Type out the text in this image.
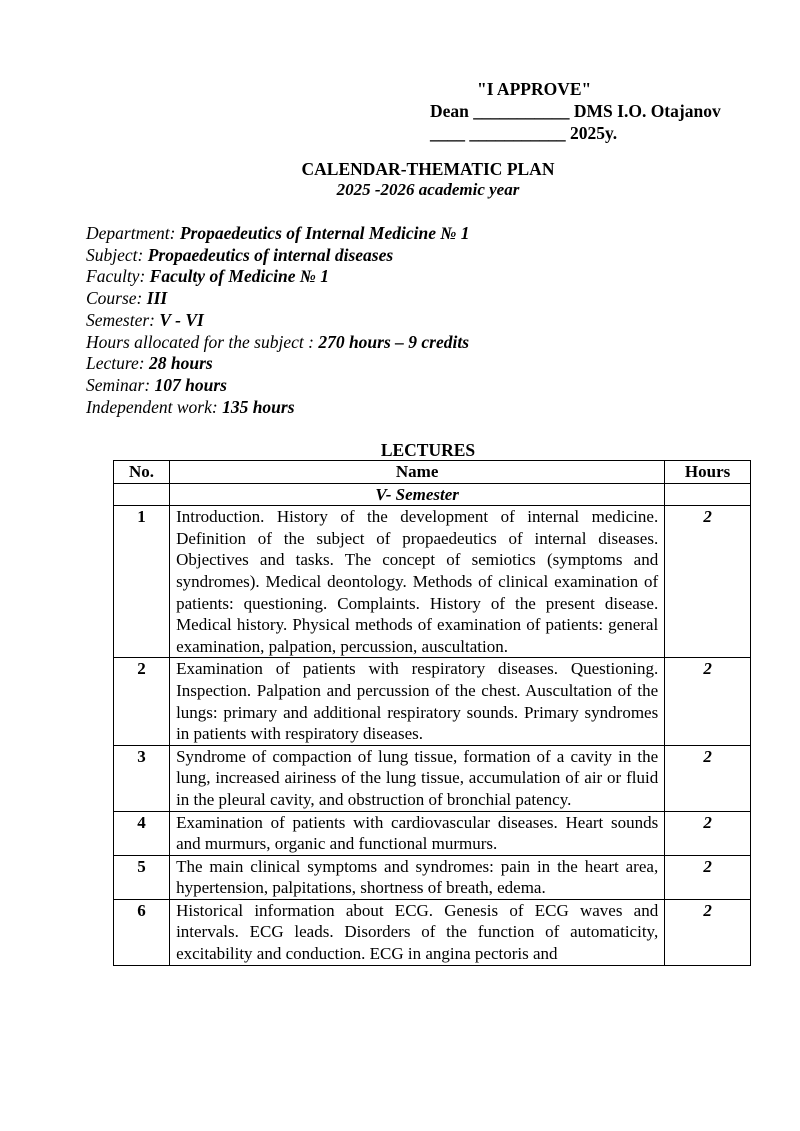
"I APPROVE"
Dean ___________ DMS I.O. Otajanov
____ ___________ 2025y.
CALENDAR-THEMATIC PLAN
2025 -2026 academic year
Department: Propaedeutics of Internal Medicine № 1
Subject: Propaedeutics of internal diseases
Faculty: Faculty of Medicine № 1
Course: III
Semester: V - VI
Hours allocated for the subject : 270 hours – 9 credits
Lecture: 28 hours
Seminar: 107 hours
Independent work: 135 hours
LECTURES
No.	Name	Hours
	V- Semester	
1	Introduction. History of the development of internal medicine. Definition of the subject of propaedeutics of internal diseases. Objectives and tasks. The concept of semiotics (symptoms and syndromes). Medical deontology. Methods of clinical examination of patients: questioning. Complaints. History of the present disease. Medical history. Physical methods of examination of patients: general examination, palpation, percussion, auscultation.	2
2	Examination of patients with respiratory diseases. Questioning. Inspection. Palpation and percussion of the chest. Auscultation of the lungs: primary and additional respiratory sounds. Primary syndromes in patients with respiratory diseases.	2
3	Syndrome of compaction of lung tissue, formation of a cavity in the lung, increased airiness of the lung tissue, accumulation of air or fluid in the pleural cavity, and obstruction of bronchial patency.	2
4	Examination of patients with cardiovascular diseases. Heart sounds and murmurs, organic and functional murmurs.	2
5	The main clinical symptoms and syndromes: pain in the heart area, hypertension, palpitations, shortness of breath, edema.	2
6	Historical information about ECG. Genesis of ECG waves and intervals. ECG leads. Disorders of the function of automaticity, excitability and conduction. ECG in angina pectoris and	2
